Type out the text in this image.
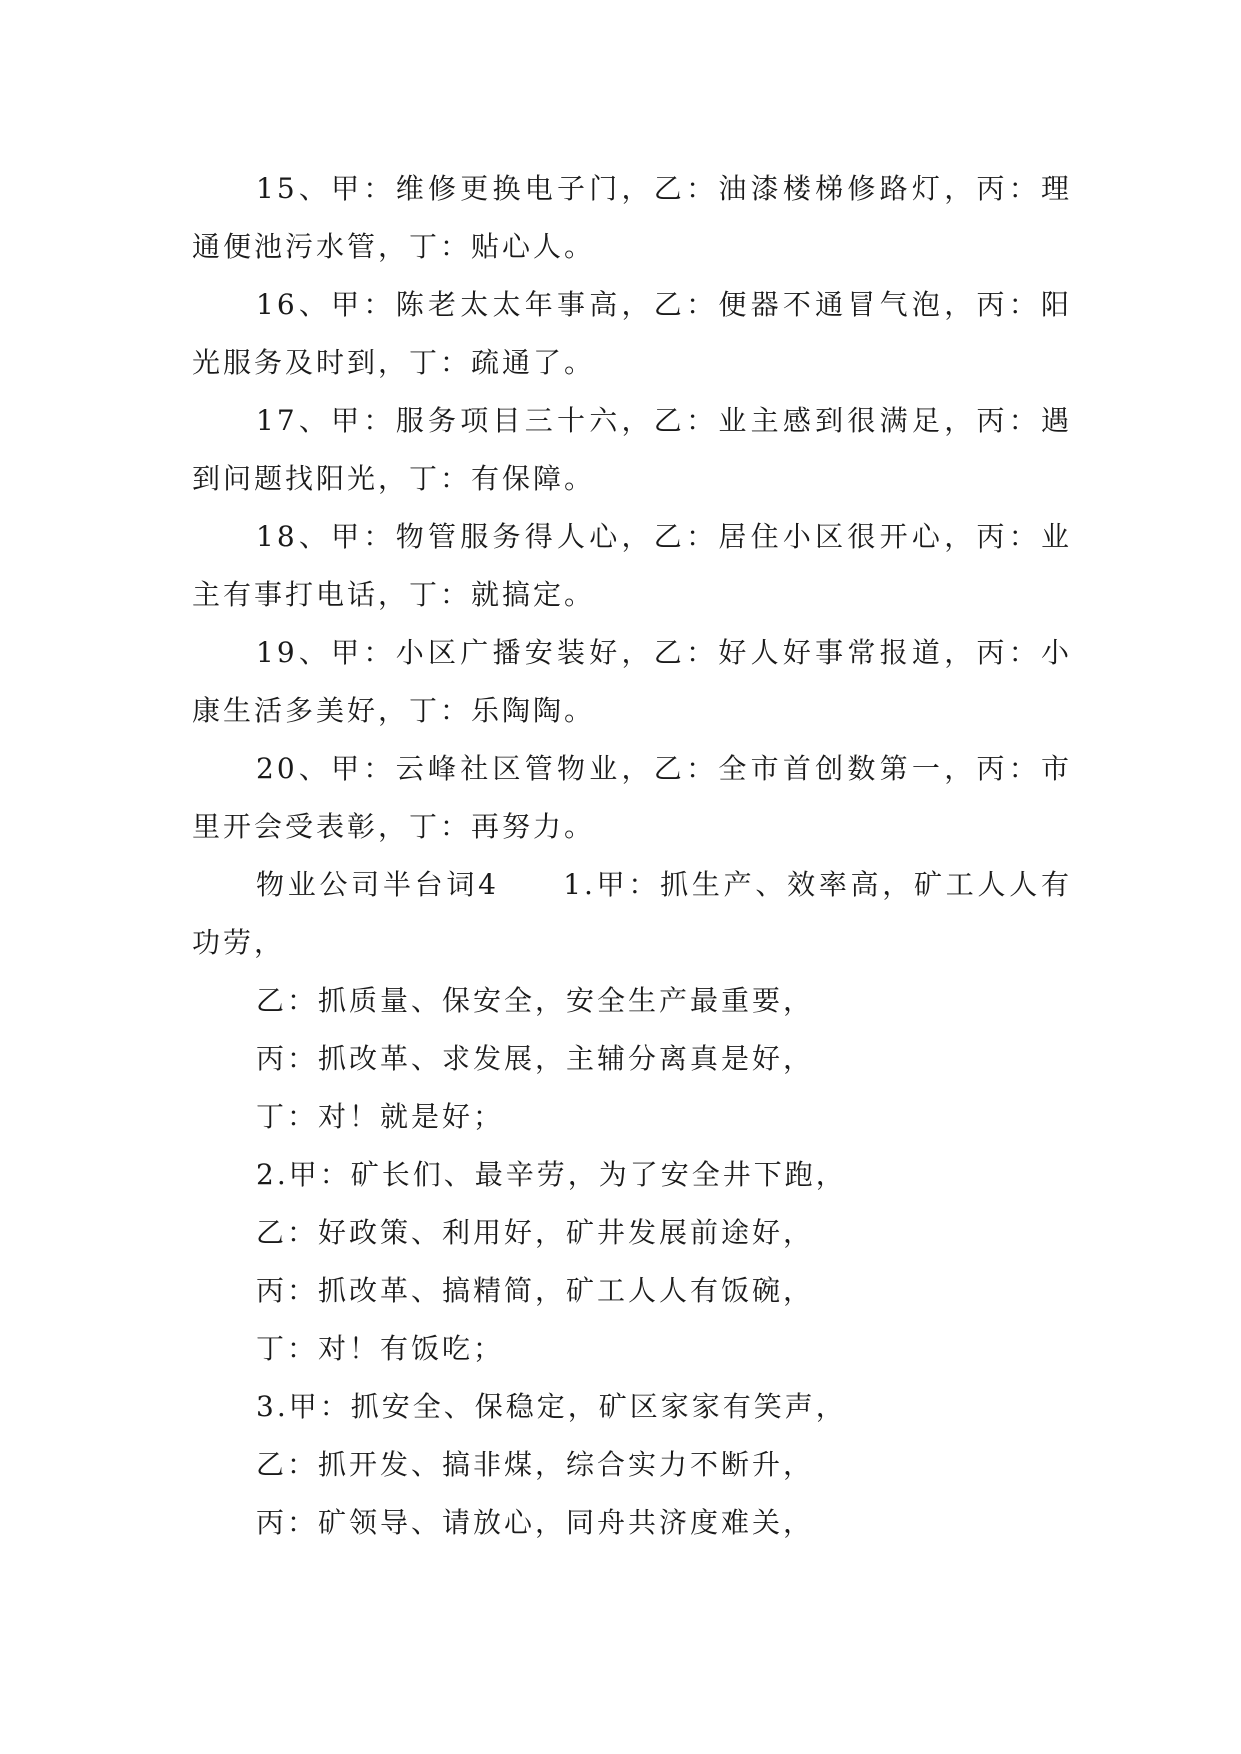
15、甲：维修更换电子门，乙：油漆楼梯修路灯，丙：理通便池污水管，丁：贴心人。

16、甲：陈老太太年事高，乙：便器不通冒气泡，丙：阳光服务及时到，丁：疏通了。

17、甲：服务项目三十六，乙：业主感到很满足，丙：遇到问题找阳光，丁：有保障。

18、甲：物管服务得人心，乙：居住小区很开心，丙：业主有事打电话，丁：就搞定。

19、甲：小区广播安装好，乙：好人好事常报道，丙：小康生活多美好，丁：乐陶陶。

20、甲：云峰社区管物业，乙：全市首创数第一，丙：市里开会受表彰，丁：再努力。

物业公司半台词4　　1.甲：抓生产、效率高，矿工人人有功劳，

乙：抓质量、保安全，安全生产最重要，

丙：抓改革、求发展，主辅分离真是好，

丁：对！就是好；

2.甲：矿长们、最辛劳，为了安全井下跑，

乙：好政策、利用好，矿井发展前途好，

丙：抓改革、搞精简，矿工人人有饭碗，

丁：对！有饭吃；

3.甲：抓安全、保稳定，矿区家家有笑声，

乙：抓开发、搞非煤，综合实力不断升，

丙：矿领导、请放心，同舟共济度难关，
